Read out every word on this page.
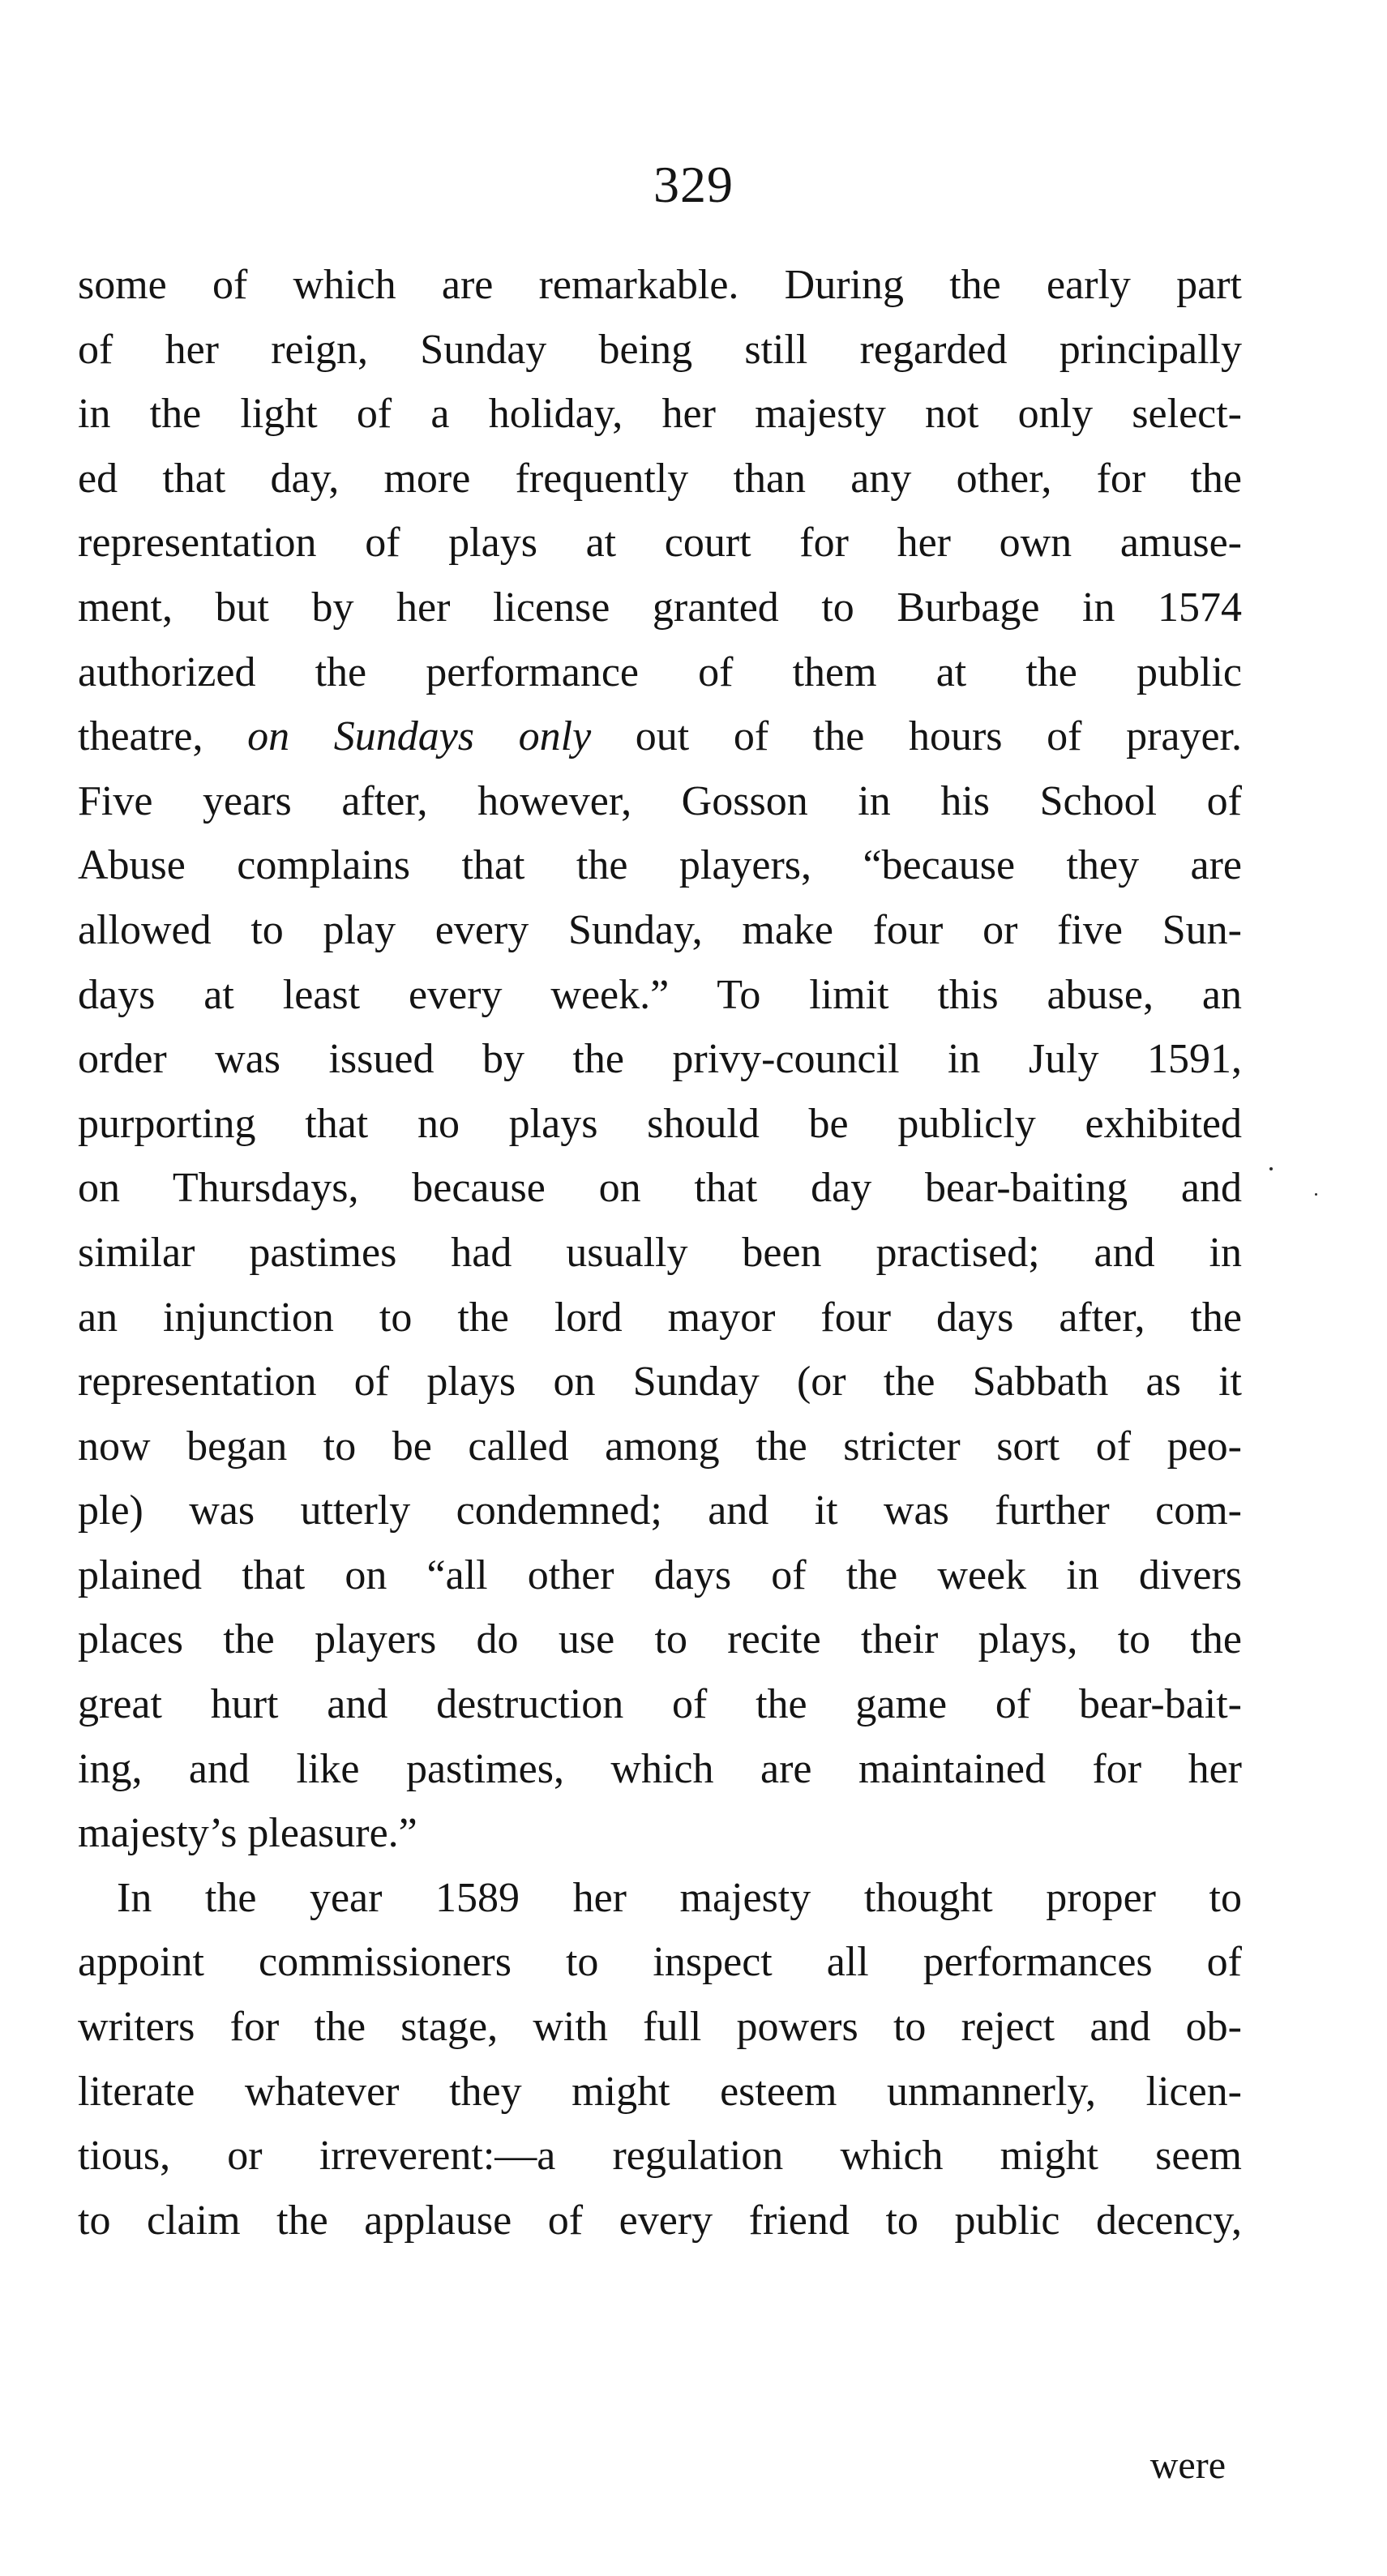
329
some of which are remarkable. During the early part
of her reign, Sunday being still regarded principally
in the light of a holiday, her majesty not only select-
ed that day, more frequently than any other, for the
representation of plays at court for her own amuse-
ment, but by her license granted to Burbage in 1574
authorized the performance of them at the public
theatre, on Sundays only out of the hours of prayer.
Five years after, however, Gosson in his School of
Abuse complains that the players, “because they are
allowed to play every Sunday, make four or five Sun-
days at least every week.” To limit this abuse, an
order was issued by the privy-council in July 1591,
purporting that no plays should be publicly exhibited
on Thursdays, because on that day bear-baiting and
similar pastimes had usually been practised; and in
an injunction to the lord mayor four days after, the
representation of plays on Sunday (or the Sabbath as it
now began to be called among the stricter sort of peo-
ple) was utterly condemned; and it was further com-
plained that on “all other days of the week in divers
places the players do use to recite their plays, to the
great hurt and destruction of the game of bear-bait-
ing, and like pastimes, which are maintained for her
majesty’s pleasure.”
In the year 1589 her majesty thought proper to
appoint commissioners to inspect all performances of
writers for the stage, with full powers to reject and ob-
literate whatever they might esteem unmannerly, licen-
tious, or irreverent:—a regulation which might seem
to claim the applause of every friend to public decency,
were
